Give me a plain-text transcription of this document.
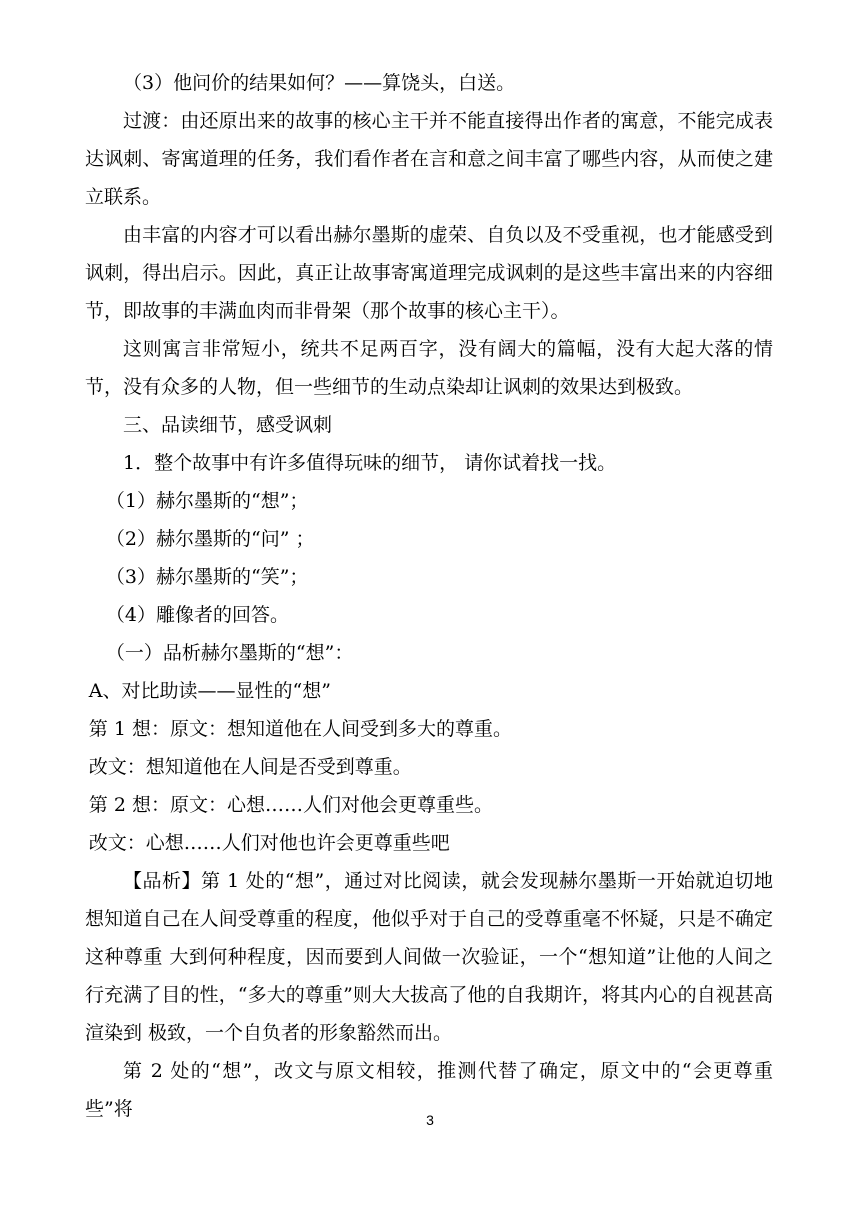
（3）他问价的结果如何？——算饶头，白送。

过渡：由还原出来的故事的核心主干并不能直接得出作者的寓意，不能完成表达讽刺、寄寓道理的任务，我们看作者在言和意之间丰富了哪些内容，从而使之建立联系。

由丰富的内容才可以看出赫尔墨斯的虚荣、自负以及不受重视，也才能感受到讽刺，得出启示。因此，真正让故事寄寓道理完成讽刺的是这些丰富出来的内容细节，即故事的丰满血肉而非骨架（那个故事的核心主干）。

这则寓言非常短小，统共不足两百字，没有阔大的篇幅，没有大起大落的情节，没有众多的人物，但一些细节的生动点染却让讽刺的效果达到极致。

三、品读细节，感受讽刺

1．整个故事中有许多值得玩味的细节， 请你试着找一找。

（1）赫尔墨斯的“想”；

（2）赫尔墨斯的“问” ；

（3）赫尔墨斯的“笑”；

（4）雕像者的回答。

（一）品析赫尔墨斯的“想”：

A、对比助读——显性的“想”

第 1 想：原文：想知道他在人间受到多大的尊重。

改文：想知道他在人间是否受到尊重。

第 2 想：原文：心想……人们对他会更尊重些。

改文：心想……人们对他也许会更尊重些吧

【品析】第 1 处的“想”，通过对比阅读，就会发现赫尔墨斯一开始就迫切地想知道自己在人间受尊重的程度，他似乎对于自己的受尊重毫不怀疑，只是不确定这种尊重 大到何种程度，因而要到人间做一次验证，一个“想知道”让他的人间之行充满了目的性，“多大的尊重”则大大拔高了他的自我期许，将其内心的自视甚高渲染到 极致，一个自负者的形象豁然而出。

第 2 处的“想”，改文与原文相较，推测代替了确定，原文中的“会更尊重些”将	3
